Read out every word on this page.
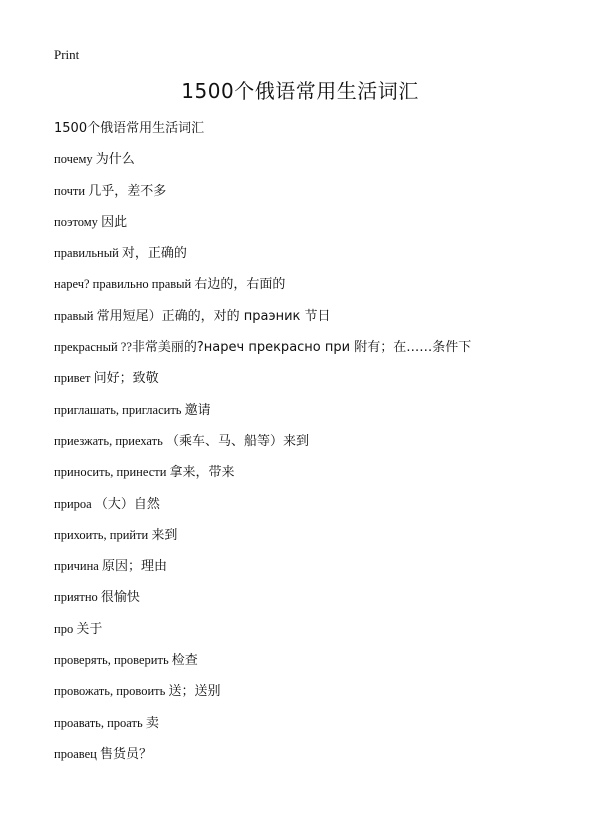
Print
1500个俄语常用生活词汇
1500个俄语常用生活词汇
почему 为什么
почти 几乎，差不多
поэтому 因此
правильный 对，正确的
нареч? правильно правый 右边的，右面的
правый 常用短尾）正确的，对的 праэник 节日
прекрасный ??非常美丽的?нареч прекрасно при 附有；在……条件下
привет 问好；致敬
приглашать, пригласить 邀请
приезжать, приехать （乘车、马、船等）来到
приносить, принести 拿来，带来
прироа （大）自然
прихоить, прийти 来到
причина 原因；理由
приятно 很愉快
про 关于
проверять, проверить 检查
провожать, провоить 送；送别
проавать, проать 卖
проавец 售货员？
